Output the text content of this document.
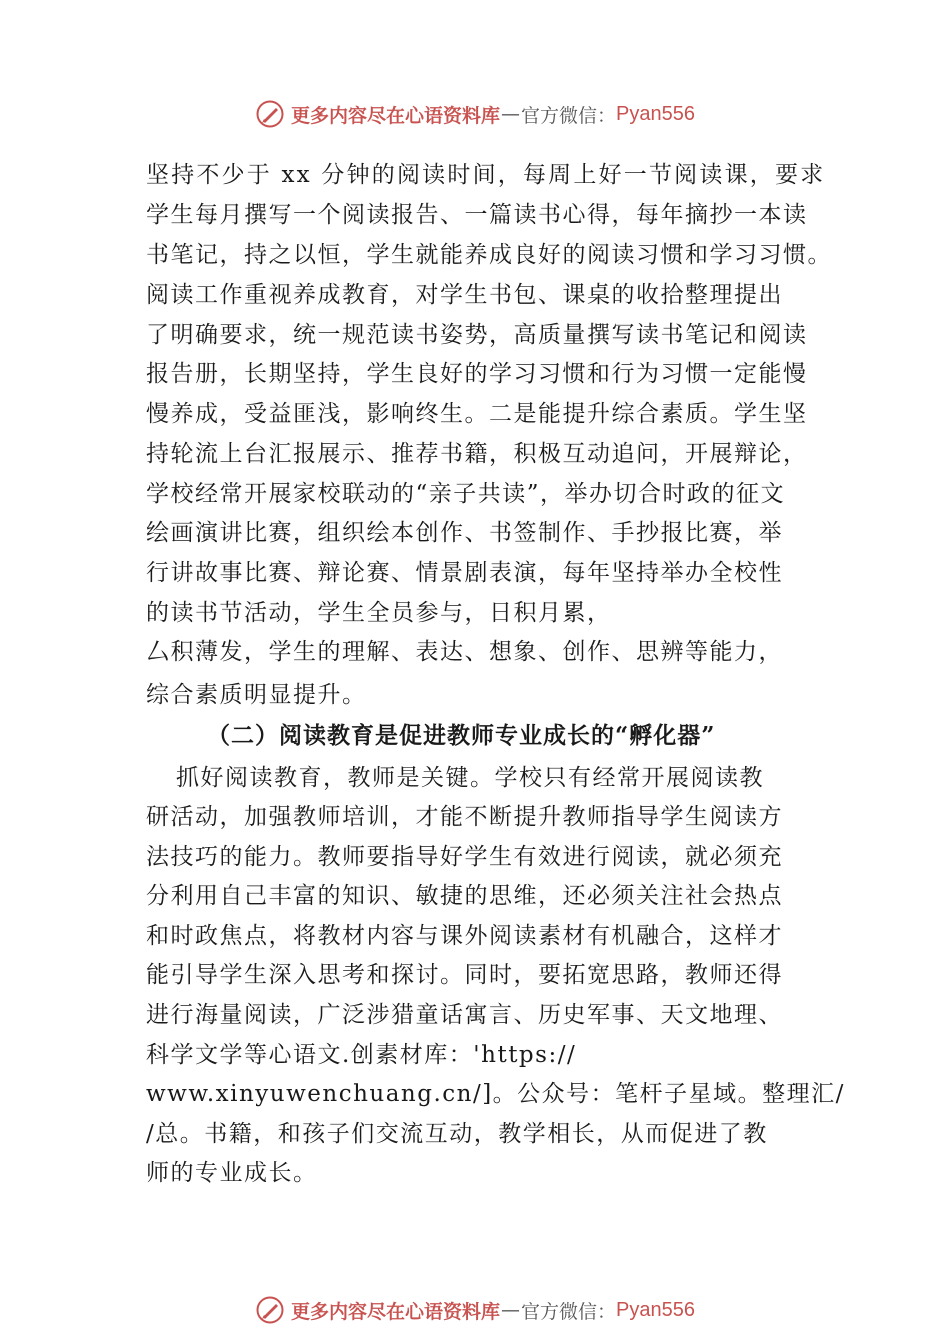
更多内容尽在心语资料库 — 官方微信： Pyan556
坚持不少于 xx 分钟的阅读时间，每周上好一节阅读课，要求
学生每月撰写一个阅读报告、一篇读书心得，每年摘抄一本读
书笔记，持之以恒，学生就能养成良好的阅读习惯和学习习惯。
阅读工作重视养成教育，对学生书包、课桌的收拾整理提出
了明确要求，统一规范读书姿势，高质量撰写读书笔记和阅读
报告册，长期坚持，学生良好的学习习惯和行为习惯一定能慢
慢养成，受益匪浅，影响终生。二是能提升综合素质。学生坚
持轮流上台汇报展示、推荐书籍，积极互动追问，开展辩论，
学校经常开展家校联动的“亲子共读”，举办切合时政的征文
绘画演讲比赛，组织绘本创作、书签制作、手抄报比赛，举
行讲故事比赛、辩论赛、情景剧表演，每年坚持举办全校性
的读书节活动，学生全员参与，日积月累，
厶积薄发，学生的理解、表达、想象、创作、思辨等能力，
综合素质明显提升。
（二）阅读教育是促进教师专业成长的“孵化器”
抓好阅读教育，教师是关键。学校只有经常开展阅读教
研活动，加强教师培训，才能不断提升教师指导学生阅读方
法技巧的能力。教师要指导好学生有效进行阅读，就必须充
分利用自己丰富的知识、敏捷的思维，还必须关注社会热点
和时政焦点，将教材内容与课外阅读素材有机融合，这样才
能引导学生深入思考和探讨。同时，要拓宽思路，教师还得
进行海量阅读，广泛涉猎童话寓言、历史军事、天文地理、
科学文学等心语文.创素材库：'https://
www.xinyuwenchuang.cn/]。公众号：笔杆子星域。整理汇/
/总。书籍，和孩子们交流互动，教学相长，从而促进了教
师的专业成长。
更多内容尽在心语资料库 — 官方微信： Pyan556
